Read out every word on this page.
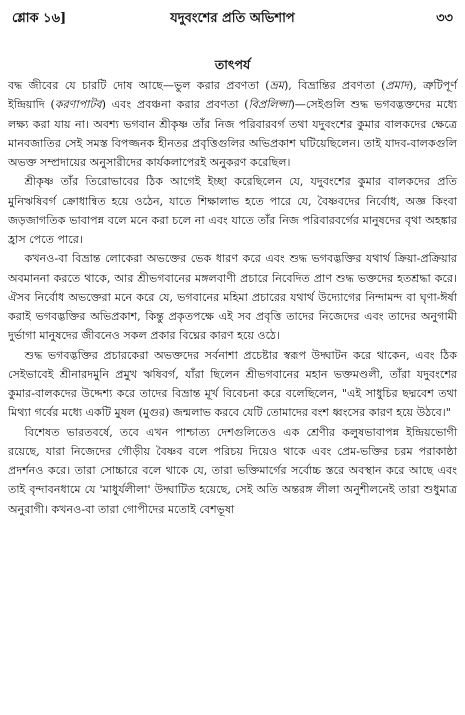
শ্লোক ১৬]	যদুবংশের প্রতি অভিশাপ	৩৩
তাৎপর্য

বদ্ধ জীবের যে চারটি দোষ আছে—ভুল করার প্রবণতা (ভ্রম), বিভ্রান্তির প্রবণতা (প্রমাদ), ত্রুটিপূর্ণ ইন্দ্রিয়াদি (করণাপাটব) এবং প্রবঞ্চনা করার প্রবণতা (বিপ্রলিপ্সা)—সেইগুলি শুদ্ধ ভগবদ্ভক্তদের মধ্যে লক্ষ্য করা যায় না। অবশ্য ভগবান শ্রীকৃষ্ণ তাঁর নিজ পরিবারবর্গ তথা যদুবংশের কুমার বালকদের ক্ষেত্রে মানবজাতির সেই সমস্ত বিপজ্জনক হীনতর প্রবৃত্তিগুলির অভিপ্রকাশ ঘটিয়েছিলেন। তাই যাদব-বালকগুলি অভক্ত সম্প্রদায়ের অনুসারীদের কার্যকলাপেরই অনুকরণ করেছিল।

শ্রীকৃষ্ণ তাঁর তিরোভাবের ঠিক আগেই ইচ্ছা করেছিলেন যে, যদুবংশের কুমার বালকদের প্রতি মুনিঋষিবর্গ ক্রোধান্বিত হয়ে ওঠেন, যাতে শিক্ষালাভ হতে পারে যে, বৈষ্ণবদের নির্বোধ, অজ্ঞ কিংবা জড়জাগতিক ভাবাপন্ন বলে মনে করা চলে না এবং যাতে তাঁর নিজ পরিবারবর্গের মানুষদের বৃথা অহঙ্কার হ্রাস পেতে পারে।

কখনও-বা বিভ্রান্ত লোকেরা অভক্তের ভেক ধারণ করে এবং শুদ্ধ ভগবদ্ভক্তির যথার্থ ক্রিয়া-প্রক্রিয়ার অবমাননা করতে থাকে, আর শ্রীভগবানের মঙ্গলবাণী প্রচারে নিবেদিত প্রাণ শুদ্ধ ভক্তদের হতশ্রদ্ধা করে। ঐসব নির্বোধ অভক্তেরা মনে করে যে, ভগবানের মহিমা প্রচারের যথার্থ উদ্যোগের নিন্দামন্দ বা ঘৃণা-ঈর্ষা করাই ভগবদ্ভক্তির অভিপ্রকাশ, কিন্তু প্রকৃতপক্ষে এই সব প্রবৃত্তি তাদের নিজেদের এবং তাদের অনুগামী দুর্ভাগা মানুষদের জীবনেও সকল প্রকার বিঘ্নের কারণ হয়ে ওঠে।

শুদ্ধ ভগবদ্ভক্তির প্রচারকেরা অভক্তদের সর্বনাশা প্রচেষ্টার স্বরূপ উদ্ঘাটন করে থাকেন, এবং ঠিক সেইভাবেই শ্রীনারদমুনি প্রমুখ ঋষিবর্গ, যাঁরা ছিলেন শ্রীভগবানের মহান ভক্তমণ্ডলী, তাঁরা যদুবংশের কুমার-বালকদের উদ্দেশ্য করে তাদের বিভ্রান্ত মূর্খ বিবেচনা করে বলেছিলেন, "এই সাধুচির ছদ্মবেশ তথা মিথ্যা গর্বের মধ্যে একটি মুষল (মুগুর) জন্মলাভ করবে যেটি তোমাদের বংশ ধ্বংসের কারণ হয়ে উঠবে।"

বিশেষত ভারতবর্ষে, তবে এখন পাশ্চাত্য দেশগুলিতেও এক শ্রেণীর কলুষভাবাপন্ন ইন্দ্রিয়ভোগী রয়েছে, যারা নিজেদের গৌড়ীয় বৈষ্ণব বলে পরিচয় দিয়েও থাকে এবং প্রেম-ভক্তির চরম পরাকাষ্ঠা প্রদর্শনও করে। তারা সোচ্চারে বলে থাকে যে, তারা ভক্তিমার্গের সর্বোচ্চ স্তরে অবস্থান করে আছে এবং তাই বৃন্দাবনধামে যে 'মাধুর্যলীলা' উদ্ঘাটিত হয়েছে, সেই অতি অন্তরঙ্গ লীলা অনুশীলনেই তারা শুধুমাত্র অনুরাগী। কখনও-বা তারা গোপীদের মতোই বেশভূষা
